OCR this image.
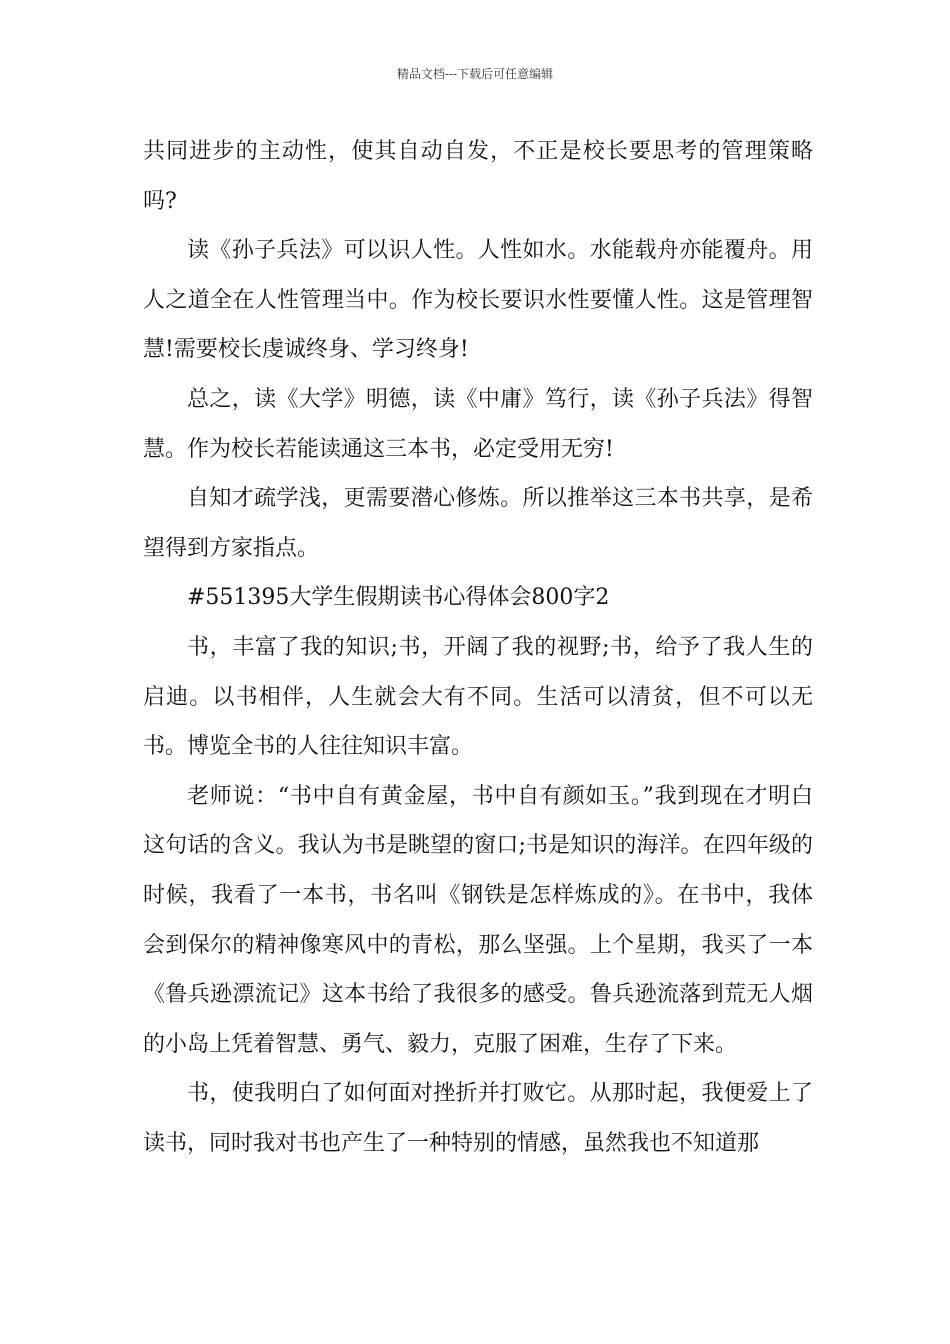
精品文档---下载后可任意编辑

共同进步的主动性，使其自动自发，不正是校长要思考的管理策略吗?

读《孙子兵法》可以识人性。人性如水。水能载舟亦能覆舟。用人之道全在人性管理当中。作为校长要识水性要懂人性。这是管理智慧!需要校长虔诚终身、学习终身!

总之，读《大学》明德，读《中庸》笃行，读《孙子兵法》得智慧。作为校长若能读通这三本书，必定受用无穷!

自知才疏学浅，更需要潜心修炼。所以推举这三本书共享，是希望得到方家指点。

#551395大学生假期读书心得体会800字2

书，丰富了我的知识;书，开阔了我的视野;书，给予了我人生的启迪。以书相伴，人生就会大有不同。生活可以清贫，但不可以无书。博览全书的人往往知识丰富。

老师说：“书中自有黄金屋，书中自有颜如玉。”我到现在才明白这句话的含义。我认为书是眺望的窗口;书是知识的海洋。在四年级的时候，我看了一本书，书名叫《钢铁是怎样炼成的》。在书中，我体会到保尔的精神像寒风中的青松，那么坚强。上个星期，我买了一本《鲁兵逊漂流记》这本书给了我很多的感受。鲁兵逊流落到荒无人烟的小岛上凭着智慧、勇气、毅力，克服了困难，生存了下来。

书，使我明白了如何面对挫折并打败它。从那时起，我便爱上了读书，同时我对书也产生了一种特别的情感，虽然我也不知道那
